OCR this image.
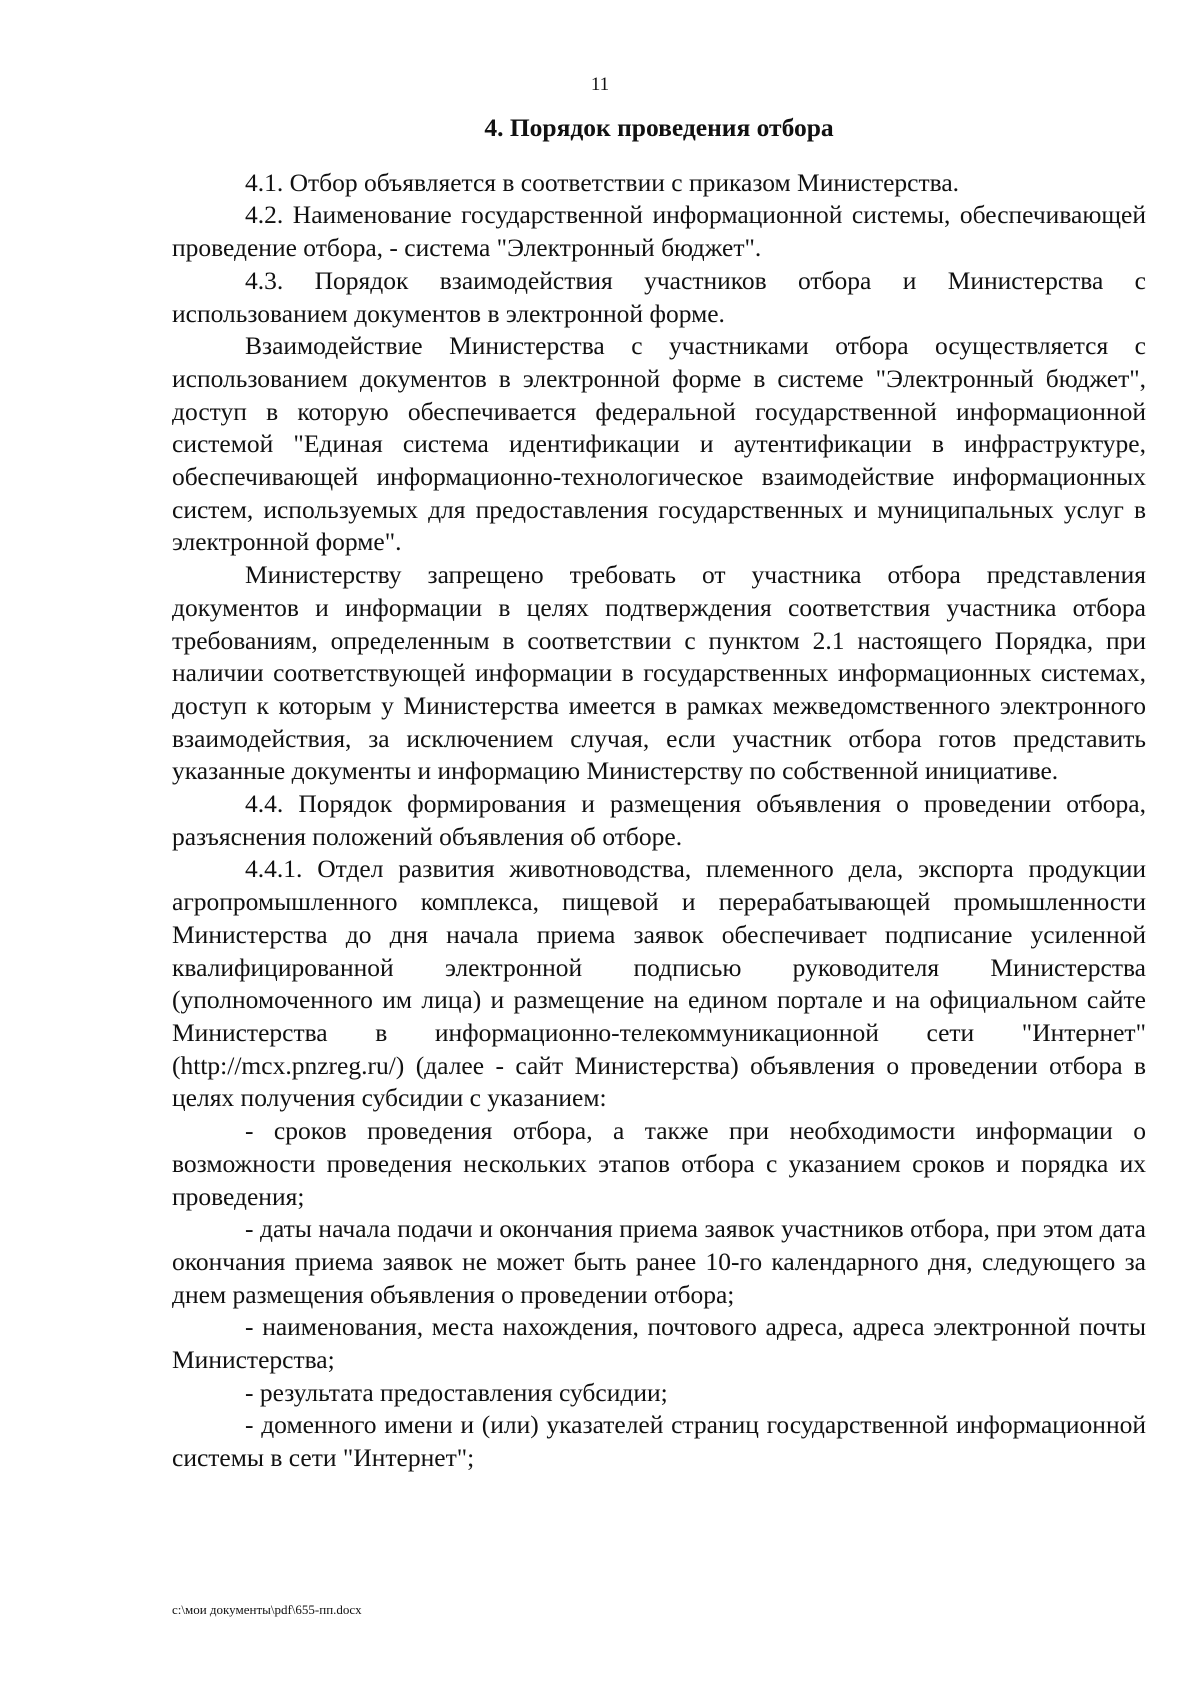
11
4. Порядок проведения отбора

4.1. Отбор объявляется в соответствии с приказом Министерства.

4.2. Наименование государственной информационной системы, обеспечивающей проведение отбора, - система "Электронный бюджет".

4.3. Порядок взаимодействия участников отбора и Министерства с использованием документов в электронной форме.

Взаимодействие Министерства с участниками отбора осуществляется с использованием документов в электронной форме в системе "Электронный бюджет", доступ в которую обеспечивается федеральной государственной информационной системой "Единая система идентификации и аутентификации в инфраструктуре, обеспечивающей информационно-технологическое взаимодействие информационных систем, используемых для предоставления государственных и муниципальных услуг в электронной форме".

Министерству запрещено требовать от участника отбора представления документов и информации в целях подтверждения соответствия участника отбора требованиям, определенным в соответствии с пунктом 2.1 настоящего Порядка, при наличии соответствующей информации в государственных информационных системах, доступ к которым у Министерства имеется в рамках межведомственного электронного взаимодействия, за исключением случая, если участник отбора готов представить указанные документы и информацию Министерству по собственной инициативе.

4.4. Порядок формирования и размещения объявления о проведении отбора, разъяснения положений объявления об отборе.

4.4.1. Отдел развития животноводства, племенного дела, экспорта продукции агропромышленного комплекса, пищевой и перерабатывающей промышленности Министерства до дня начала приема заявок обеспечивает подписание усиленной квалифицированной электронной подписью руководителя Министерства (уполномоченного им лица) и размещение на едином портале и на официальном сайте Министерства в информационно-телекоммуникационной сети "Интернет" (http://mcx.pnzreg.ru/) (далее - сайт Министерства) объявления о проведении отбора в целях получения субсидии с указанием:

- сроков проведения отбора, а также при необходимости информации о возможности проведения нескольких этапов отбора с указанием сроков и порядка их проведения;

- даты начала подачи и окончания приема заявок участников отбора, при этом дата окончания приема заявок не может быть ранее 10-го календарного дня, следующего за днем размещения объявления о проведении отбора;

- наименования, места нахождения, почтового адреса, адреса электронной почты Министерства;

- результата предоставления субсидии;

- доменного имени и (или) указателей страниц государственной информационной системы в сети "Интернет";

c:\мои документы\pdf\655-пп.docx
